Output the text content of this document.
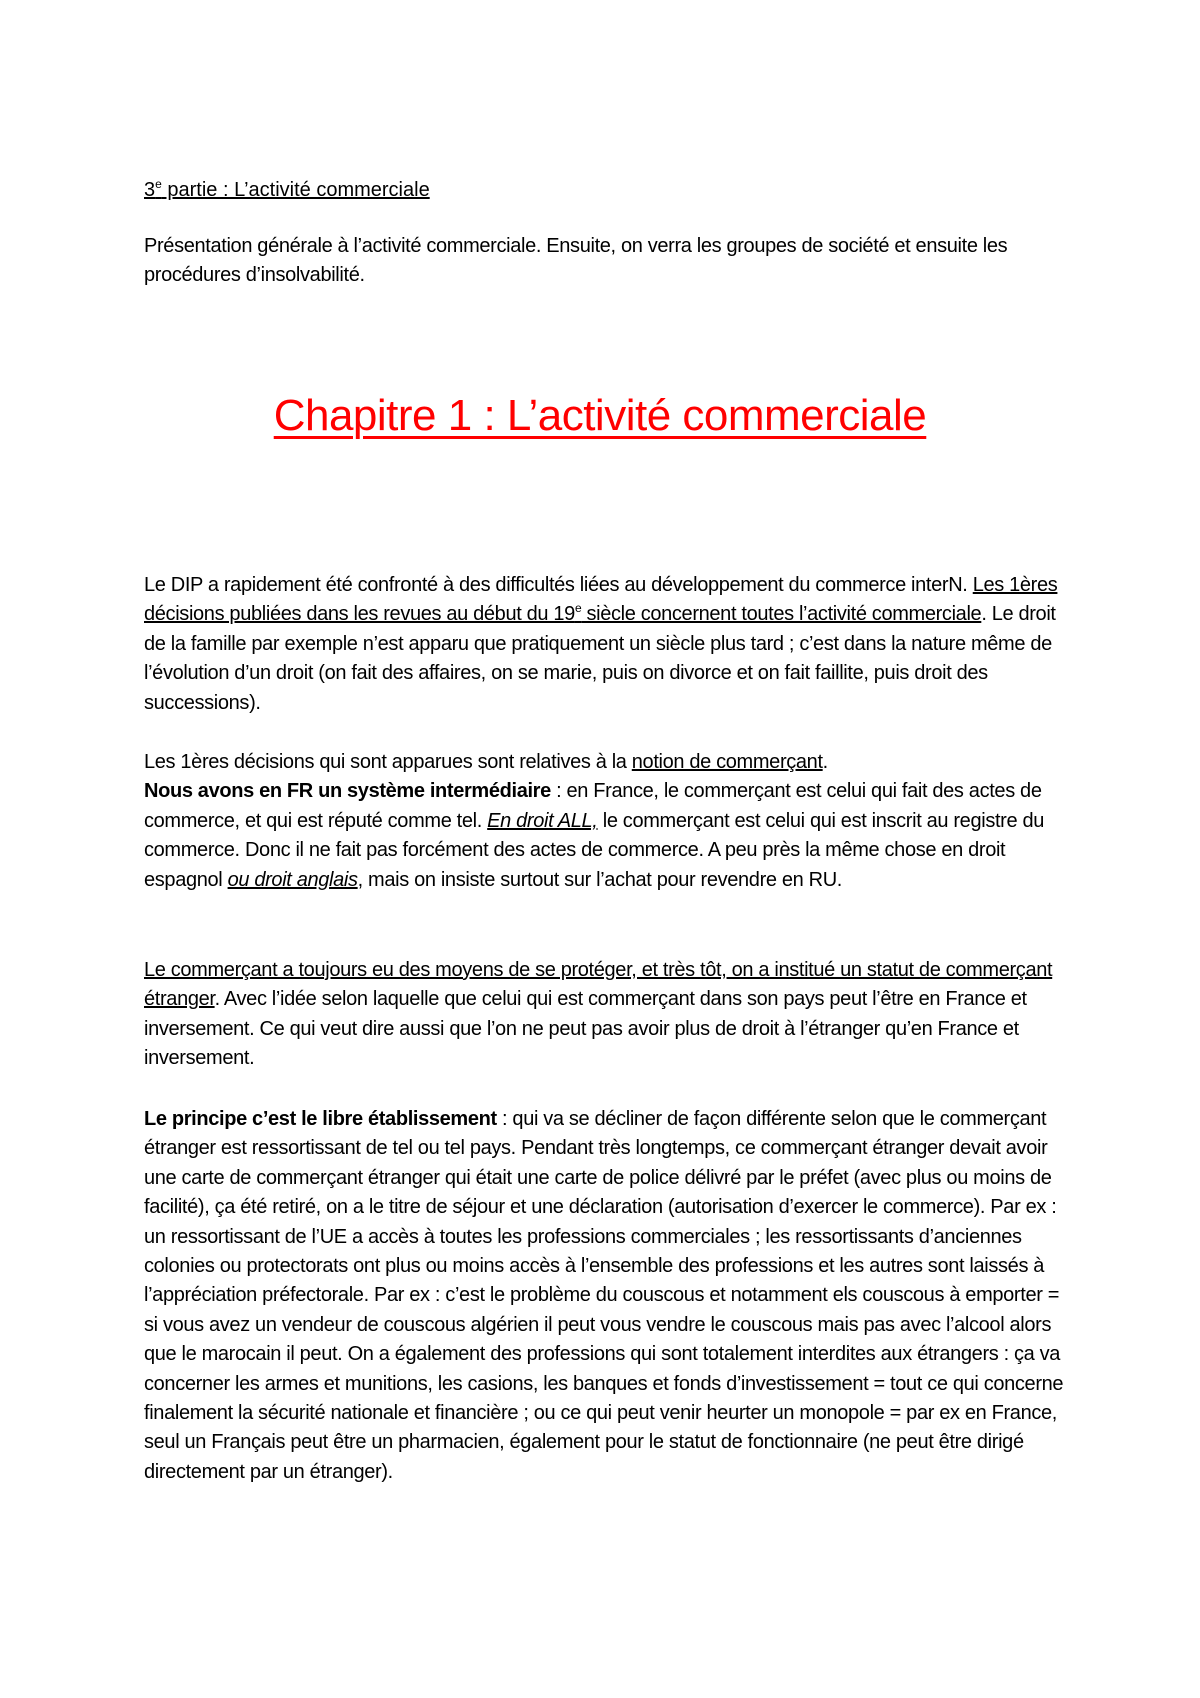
3e partie : L’activité commerciale

Présentation générale à l’activité commerciale. Ensuite, on verra les groupes de société et ensuite les procédures d’insolvabilité.

Chapitre 1 : L’activité commerciale

Le DIP a rapidement été confronté à des difficultés liées au développement du commerce interN. Les 1ères décisions publiées dans les revues au début du 19e siècle concernent toutes l’activité commerciale. Le droit de la famille par exemple n’est apparu que pratiquement un siècle plus tard ; c’est dans la nature même de l’évolution d’un droit (on fait des affaires, on se marie, puis on divorce et on fait faillite, puis droit des successions).

Les 1ères décisions qui sont apparues sont relatives à la notion de commerçant.
Nous avons en FR un système intermédiaire : en France, le commerçant est celui qui fait des actes de commerce, et qui est réputé comme tel. En droit ALL, le commerçant est celui qui est inscrit au registre du commerce. Donc il ne fait pas forcément des actes de commerce. A peu près la même chose en droit espagnol ou droit anglais, mais on insiste surtout sur l’achat pour revendre en RU.

Le commerçant a toujours eu des moyens de se protéger, et très tôt, on a institué un statut de commerçant étranger. Avec l’idée selon laquelle que celui qui est commerçant dans son pays peut l’être en France et inversement. Ce qui veut dire aussi que l’on ne peut pas avoir plus de droit à l’étranger qu’en France et inversement.

Le principe c’est le libre établissement : qui va se décliner de façon différente selon que le commerçant étranger est ressortissant de tel ou tel pays. Pendant très longtemps, ce commerçant étranger devait avoir une carte de commerçant étranger qui était une carte de police délivré par le préfet (avec plus ou moins de facilité), ça été retiré, on a le titre de séjour et une déclaration (autorisation d’exercer le commerce). Par ex : un ressortissant de l’UE a accès à toutes les professions commerciales ; les ressortissants d’anciennes colonies ou protectorats ont plus ou moins accès à l’ensemble des professions et les autres sont laissés à l’appréciation préfectorale. Par ex : c’est le problème du couscous et notamment els couscous à emporter = si vous avez un vendeur de couscous algérien il peut vous vendre le couscous mais pas avec l’alcool alors que le marocain il peut. On a également des professions qui sont totalement interdites aux étrangers : ça va concerner les armes et munitions, les casions, les banques et fonds d’investissement = tout ce qui concerne finalement la sécurité nationale et financière ; ou ce qui peut venir heurter un monopole = par ex en France, seul un Français peut être un pharmacien, également pour le statut de fonctionnaire (ne peut être dirigé directement par un étranger).
